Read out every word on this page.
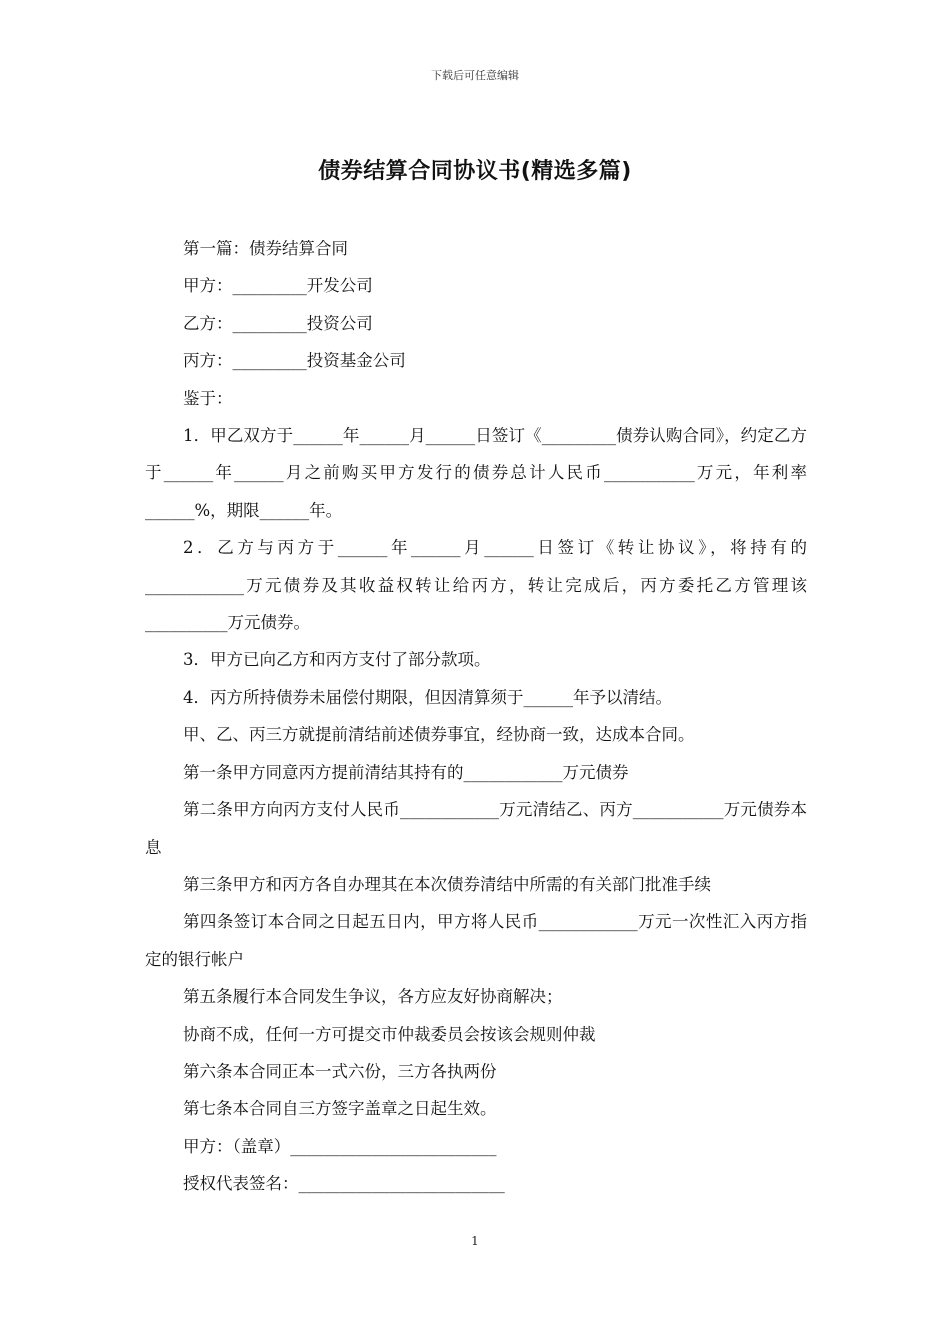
下载后可任意编辑
债券结算合同协议书(精选多篇)

第一篇：债券结算合同

甲方：_________开发公司

乙方：_________投资公司

丙方：_________投资基金公司

鉴于：

1．甲乙双方于______年______月______日签订《_________债券认购合同》，约定乙方于______年______月之前购买甲方发行的债券总计人民币___________万元，年利率______%，期限______年。

2．乙方与丙方于______年______月______日签订《转让协议》，将持有的____________万元债券及其收益权转让给丙方，转让完成后，丙方委托乙方管理该__________万元债券。

3．甲方已向乙方和丙方支付了部分款项。

4．丙方所持债券未届偿付期限，但因清算须于______年予以清结。

甲、乙、丙三方就提前清结前述债券事宜，经协商一致，达成本合同。

第一条甲方同意丙方提前清结其持有的____________万元债券

第二条甲方向丙方支付人民币____________万元清结乙、丙方___________万元债券本息

第三条甲方和丙方各自办理其在本次债券清结中所需的有关部门批准手续

第四条签订本合同之日起五日内，甲方将人民币____________万元一次性汇入丙方指定的银行帐户

第五条履行本合同发生争议，各方应友好协商解决；

协商不成，任何一方可提交市仲裁委员会按该会规则仲裁

第六条本合同正本一式六份，三方各执两份

第七条本合同自三方签字盖章之日起生效。

甲方：（盖章）_________________________

授权代表签名：_________________________

1
